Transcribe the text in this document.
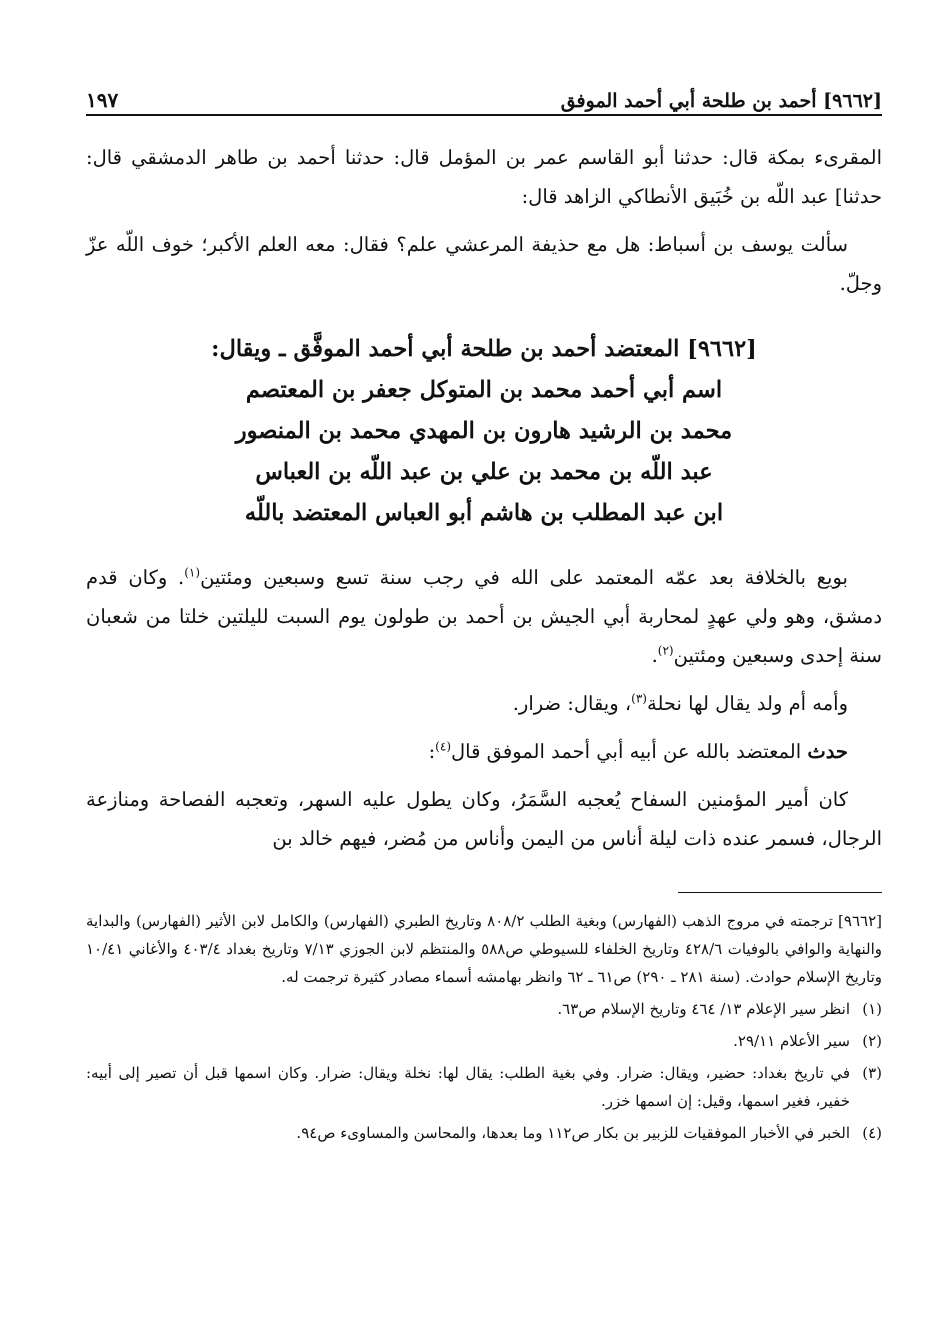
[٩٦٦٢] أحمد بن طلحة أبي أحمد الموفق
١٩٧

المقرىء بمكة قال: حدثنا أبو القاسم عمر بن المؤمل قال: حدثنا أحمد بن طاهر الدمشقي قال: حدثنا] عبد اللّه بن خُبَيق الأنطاكي الزاهد قال:

سألت يوسف بن أسباط: هل مع حذيفة المرعشي علم؟ فقال: معه العلم الأكبر؛ خوف اللّه عزّ وجلّ.

[٩٦٦٢] المعتضد أحمد بن طلحة أبي أحمد الموفَّق ـ ويقال:
اسم أبي أحمد محمد بن المتوكل جعفر بن المعتصم
محمد بن الرشيد هارون بن المهدي محمد بن المنصور
عبد اللّه بن محمد بن علي بن عبد اللّه بن العباس
ابن عبد المطلب بن هاشم أبو العباس المعتضد باللّه

بويع بالخلافة بعد عمّه المعتمد على الله في رجب سنة تسع وسبعين ومئتين$^{(١)}$. وكان قدم دمشق، وهو ولي عهدٍ لمحاربة أبي الجيش بن أحمد بن طولون يوم السبت لليلتين خلتا من شعبان سنة إحدى وسبعين ومئتين$^{(٢)}$.

وأمه أم ولد يقال لها نحلة$^{(٣)}$، ويقال: ضرار.

حدث المعتضد بالله عن أبيه أبي أحمد الموفق قال$^{(٤)}$:

كان أمير المؤمنين السفاح يُعجبه السَّمَرُ، وكان يطول عليه السهر، وتعجبه الفصاحة ومنازعة الرجال، فسمر عنده ذات ليلة أناس من اليمن وأناس من مُضر، فيهم خالد بن

[٩٦٦٢] ترجمته في مروج الذهب (الفهارس) وبغية الطلب ٨٠٨/٢ وتاريخ الطبري (الفهارس) والكامل لابن الأثير (الفهارس) والبداية والنهاية والوافي بالوفيات ٤٢٨/٦ وتاريخ الخلفاء للسيوطي ص٥٨٨ والمنتظم لابن الجوزي ٧/١٣ وتاريخ بغداد ٤٠٣/٤ والأغاني ١٠/٤١ وتاريخ الإسلام حوادث. (سنة ٢٨١ ـ ٢٩٠) ص٦١ ـ ٦٢ وانظر بهامشه أسماء مصادر كثيرة ترجمت له.

(١)
انظر سير الإعلام ١٣/ ٤٦٤ وتاريخ الإسلام ص٦٣.

(٢)
سير الأعلام ٢٩/١١.

(٣)
في تاريخ بغداد: حضير، ويقال: ضرار. وفي بغية الطلب: يقال لها: نخلة ويقال: ضرار. وكان اسمها قبل أن تصير إلى أبيه: خفير، فغير اسمها، وقيل: إن اسمها خزر.

(٤)
الخبر في الأخبار الموفقيات للزبير بن بكار ص١١٢ وما بعدها، والمحاسن والمساوىء ص٩٤.
